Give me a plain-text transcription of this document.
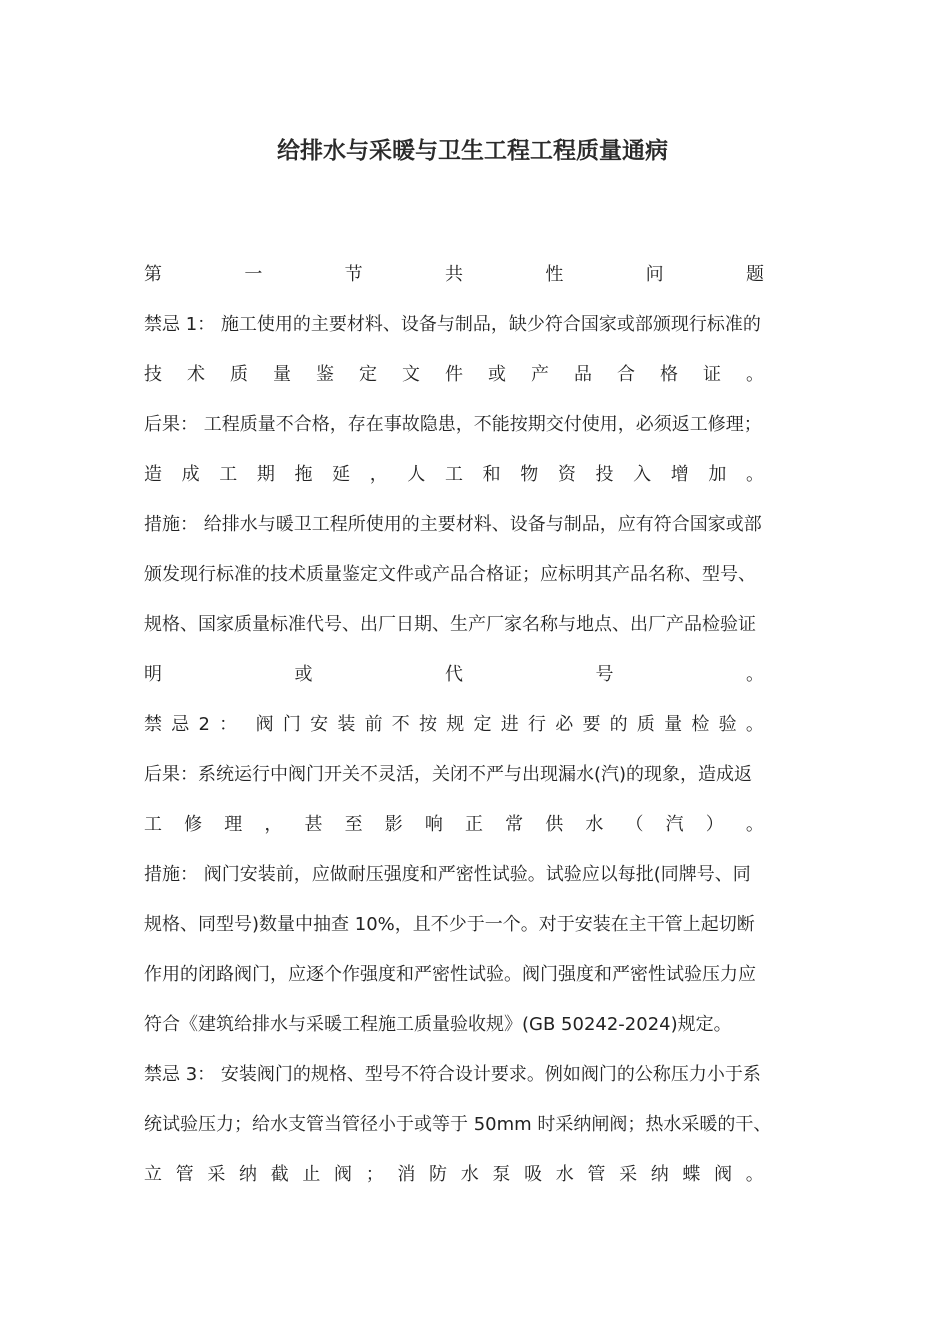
给排水与采暖与卫生工程工程质量通病
第	一	节	共	性	问	题
禁忌 1： 施工使用的主要材料、设备与制品，缺少符合国家或部颁现行标准的
技 术 质 量 鉴 定 文 件 或 产 品 合 格 证 。
后果： 工程质量不合格，存在事故隐患，不能按期交付使用，必须返工修理；
造 成 工 期 拖 延 ， 人 工 和 物 资 投 入 增 加 。
措施： 给排水与暖卫工程所使用的主要材料、设备与制品，应有符合国家或部
颁发现行标准的技术质量鉴定文件或产品合格证；应标明其产品名称、型号、
规格、国家质量标准代号、出厂日期、生产厂家名称与地点、出厂产品检验证
明	或	代	号	。
禁 忌 2 ： 阀 门 安 装 前 不 按 规 定 进 行 必 要 的 质 量 检 验 。
后果：系统运行中阀门开关不灵活，关闭不严与出现漏水(汽)的现象，造成返
工 修 理 ， 甚 至 影 响 正 常 供 水 （ 汽 ） 。
措施： 阀门安装前，应做耐压强度和严密性试验。试验应以每批(同牌号、同
规格、同型号)数量中抽查 10%，且不少于一个。对于安装在主干管上起切断
作用的闭路阀门，应逐个作强度和严密性试验。阀门强度和严密性试验压力应
符合《建筑给排水与采暖工程施工质量验收规》(GB 50242-2024)规定。
禁忌 3： 安装阀门的规格、型号不符合设计要求。例如阀门的公称压力小于系
统试验压力；给水支管当管径小于或等于 50mm 时采纳闸阀；热水采暖的干、
立 管 采 纳 截 止 阀 ； 消 防 水 泵 吸 水 管 采 纳 蝶 阀 。
